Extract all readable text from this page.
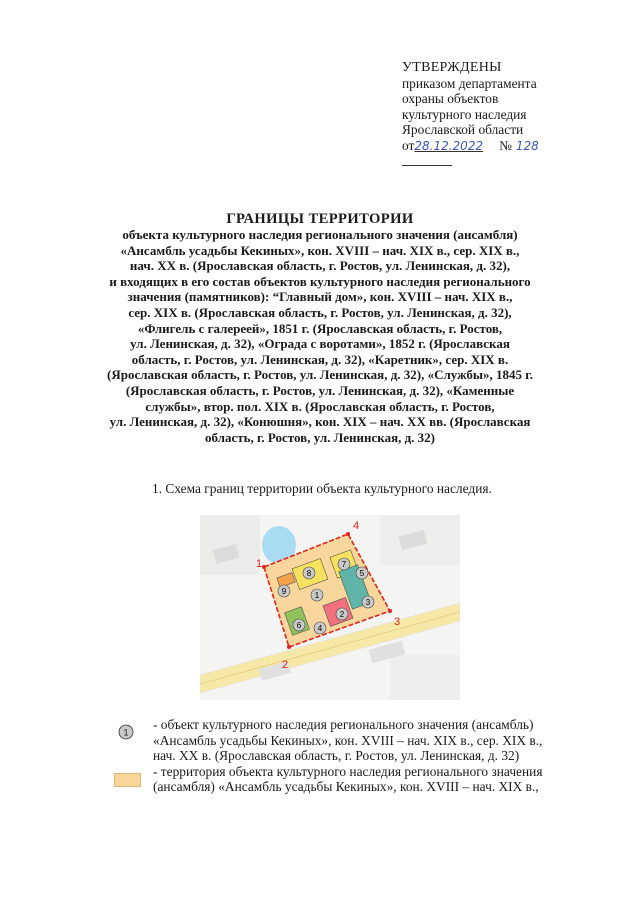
УТВЕРЖДЕНЫ
приказом департамента
охраны объектов
культурного наследия
Ярославской области
от28.12.2022 № 128
ГРАНИЦЫ ТЕРРИТОРИИ
объекта культурного наследия регионального значения (ансамбля)
«Ансамбль усадьбы Кекиных», кон. XVIII – нач. XIX в., сер. XIX в.,
нач. XX в. (Ярославская область, г. Ростов, ул. Ленинская, д. 32),
и входящих в его состав объектов культурного наследия регионального
значения (памятников): “Главный дом», кон. XVIII – нач. XIX в.,
сер. XIX в. (Ярославская область, г. Ростов, ул. Ленинская, д. 32),
«Флигель с галереей», 1851 г. (Ярославская область, г. Ростов,
ул. Ленинская, д. 32), «Ограда с воротами», 1852 г. (Ярославская
область, г. Ростов, ул. Ленинская, д. 32), «Каретник», сер. XIX в.
(Ярославская область, г. Ростов, ул. Ленинская, д. 32), «Службы», 1845 г.
(Ярославская область, г. Ростов, ул. Ленинская, д. 32), «Каменные
службы», втор. пол. XIX в. (Ярославская область, г. Ростов,
ул. Ленинская, д. 32), «Конюшня», кон. XIX – нач. XX вв. (Ярославская
область, г. Ростов, ул. Ленинская, д. 32)
1. Схема границ территории объекта культурного наследия.
1
2
3
4
5
6
7
8
9
1
2
3
4
1
- объект культурного наследия регионального значения (ансамбль)
«Ансамбль усадьбы Кекиных», кон. XVIII – нач. XIX в., сер. XIX в.,
нач. XX в. (Ярославская область, г. Ростов, ул. Ленинская, д. 32)
- территория объекта культурного наследия регионального значения
(ансамбля) «Ансамбль усадьбы Кекиных», кон. XVIII – нач. XIX в.,
